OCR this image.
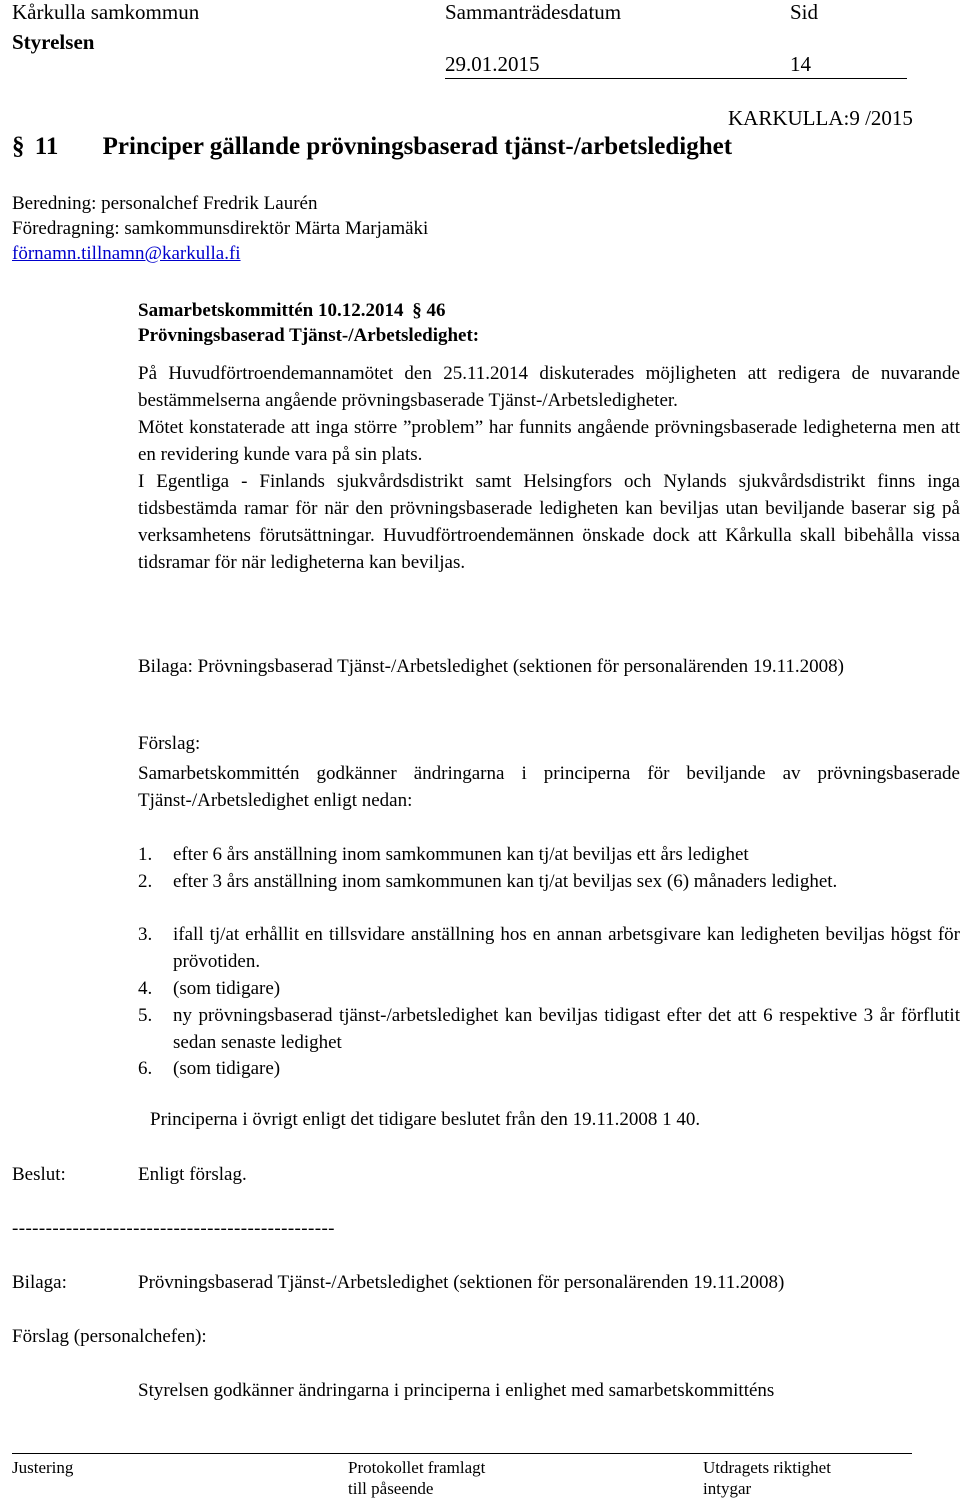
Kårkulla samkommun
Styrelsen
Sammanträdesdatum
29.01.2015
Sid
14
KARKULLA:9 /2015
§ 11 Principer gällande prövningsbaserad tjänst-/arbetsledighet
Beredning: personalchef Fredrik Laurén
Föredragning: samkommunsdirektör Märta Marjamäki
förnamn.tillnamn@karkulla.fi
Samarbetskommittén 10.12.2014 § 46
Prövningsbaserad Tjänst-/Arbetsledighet:
På Huvudförtroendemannamötet den 25.11.2014 diskuterades möjligheten att redigera de nuvarande bestämmelserna angående prövningsbaserade Tjänst-/Arbetsledigheter.
Mötet konstaterade att inga större ”problem” har funnits angående prövningsbaserade ledigheterna men att en revidering kunde vara på sin plats.
I Egentliga - Finlands sjukvårdsdistrikt samt Helsingfors och Nylands sjukvårdsdistrikt finns inga tidsbestämda ramar för när den prövningsbaserade ledigheten kan beviljas utan beviljande baserar sig på verksamhetens förutsättningar. Huvudförtroendemännen önskade dock att Kårkulla skall bibehålla vissa tidsramar för när ledigheterna kan beviljas.
Bilaga: Prövningsbaserad Tjänst-/Arbetsledighet (sektionen för personalärenden 19.11.2008)
Förslag:
Samarbetskommittén godkänner ändringarna i principerna för beviljande av prövningsbaserade Tjänst-/Arbetsledighet enligt nedan:
1. efter 6 års anställning inom samkommunen kan tj/at beviljas ett års ledighet
2. efter 3 års anställning inom samkommunen kan tj/at beviljas sex (6) månaders ledighet.
3. ifall tj/at erhållit en tillsvidare anställning hos en annan arbetsgivare kan ledigheten beviljas högst för prövotiden.
4. (som tidigare)
5. ny prövningsbaserad tjänst-/arbetsledighet kan beviljas tidigast efter det att 6 respektive 3 år förflutit sedan senaste ledighet
6. (som tidigare)
Principerna i övrigt enligt det tidigare beslutet från den 19.11.2008 1 40.
Beslut:	Enligt förslag.
------------------------------------------------
Bilaga:	Prövningsbaserad Tjänst-/Arbetsledighet (sektionen för personalärenden 19.11.2008)
Förslag (personalchefen):
Styrelsen godkänner ändringarna i principerna i enlighet med samarbetskommitténs
Justering	Protokollet framlagt
till påseende
Utdragets riktighet
intygar
